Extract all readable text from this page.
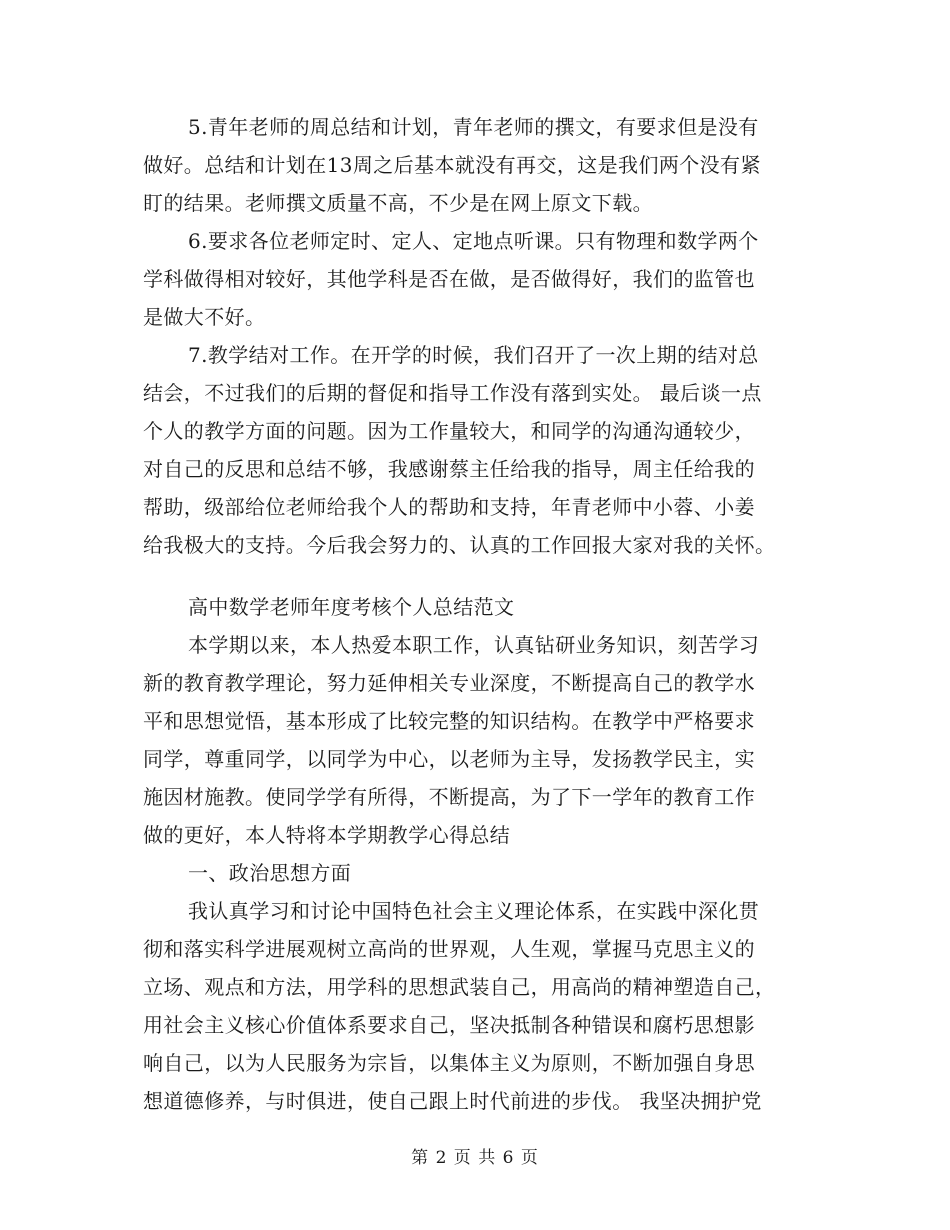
5.青年老师的周总结和计划，青年老师的撰文，有要求但是没有
做好。总结和计划在13周之后基本就没有再交，这是我们两个没有紧
盯的结果。老师撰文质量不高，不少是在网上原文下载。
6.要求各位老师定时、定人、定地点听课。只有物理和数学两个
学科做得相对较好，其他学科是否在做，是否做得好，我们的监管也
是做大不好。
7.教学结对工作。在开学的时候，我们召开了一次上期的结对总
结会，不过我们的后期的督促和指导工作没有落到实处。 最后谈一点
个人的教学方面的问题。因为工作量较大，和同学的沟通沟通较少，
对自己的反思和总结不够，我感谢蔡主任给我的指导，周主任给我的
帮助，级部给位老师给我个人的帮助和支持，年青老师中小蓉、小姜
给我极大的支持。今后我会努力的、认真的工作回报大家对我的关怀。
高中数学老师年度考核个人总结范文
本学期以来，本人热爱本职工作，认真钻研业务知识，刻苦学习
新的教育教学理论，努力延伸相关专业深度，不断提高自己的教学水
平和思想觉悟，基本形成了比较完整的知识结构。在教学中严格要求
同学，尊重同学，以同学为中心，以老师为主导，发扬教学民主，实
施因材施教。使同学学有所得，不断提高，为了下一学年的教育工作
做的更好，本人特将本学期教学心得总结
一、政治思想方面
我认真学习和讨论中国特色社会主义理论体系，在实践中深化贯
彻和落实科学进展观树立高尚的世界观，人生观，掌握马克思主义的
立场、观点和方法，用学科的思想武装自己，用高尚的精神塑造自己，
用社会主义核心价值体系要求自己，坚决抵制各种错误和腐朽思想影
响自己，以为人民服务为宗旨，以集体主义为原则，不断加强自身思
想道德修养，与时俱进，使自己跟上时代前进的步伐。 我坚决拥护党
第 2 页 共 6 页
